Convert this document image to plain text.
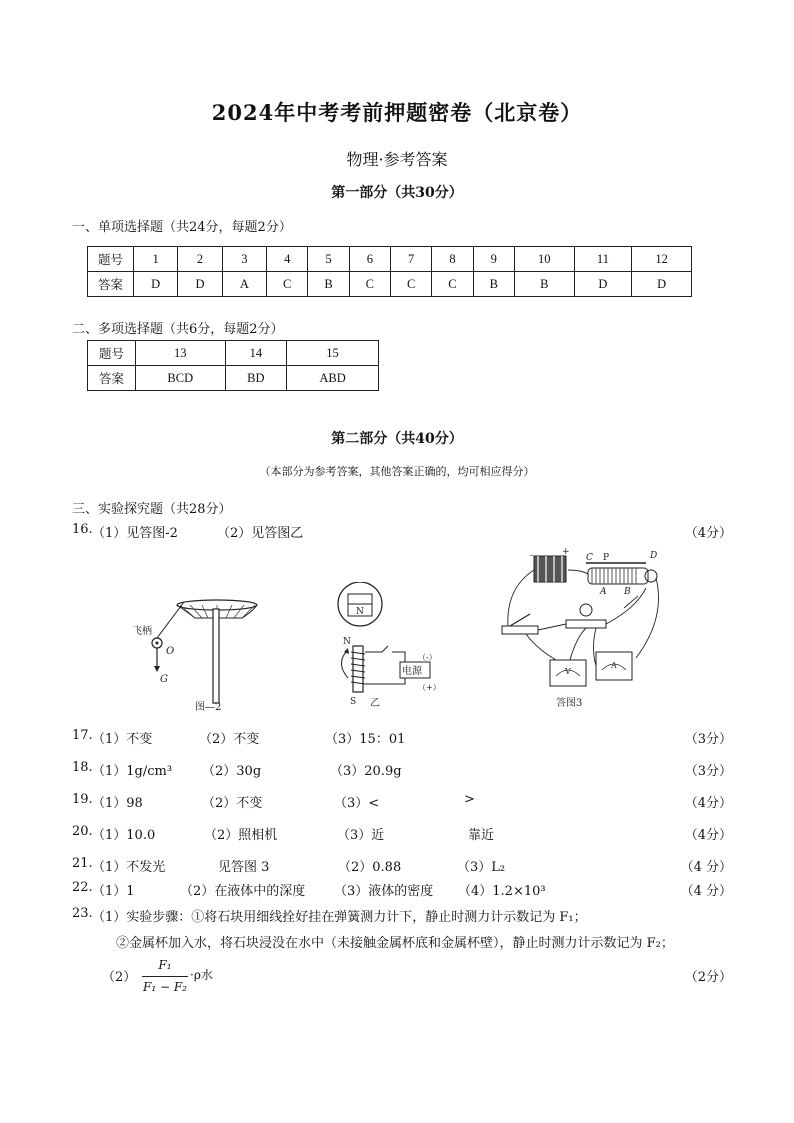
2024年中考考前押题密卷（北京卷）
物理·参考答案
第一部分（共30分）
一、单项选择题（共24分，每题2分）
题号	1	2	3	4	5	6	7	8	9	10	11	12
答案	D	D	A	C	B	C	C	C	B	B	D	D
二、多项选择题（共6分，每题2分）
题号	13	14	15
答案	BCD	BD	ABD
第二部分（共40分）
（本部分为参考答案，其他答案正确的，均可相应得分）
三、实验探究题（共28分）
16. （1）见答图-2	（2）见答图乙	（4分）
飞柄
O
G
图—2
N
N
S
电源
（-）
（+）
乙
-	+
C P	D
A B
V
A
答图3
17. （1）不变	（2）不变	（3）15：01	（3分）
18. （1）1g/cm³ （2）30g	（3）20.9g	（3分）
19. （1）98	（2）不变	（3）<	>	（4分）
20. （1）10.0	（2）照相机	（3）近	靠近	（4分）
21. （1）不发光	见答图 3	（2）0.88	（3）L₂	（4 分）
22. （1）1	（2）在液体中的深度 （3）液体的密度 （4）1.2×10³	（4 分）
23. （1）实验步骤：①将石块用细线拴好挂在弹簧测力计下，静止时测力计示数记为 F₁；
②金属杯加入水，将石块浸没在水中（未接触金属杯底和金属杯壁），静止时测力计示数记为 F₂；
（2）
F₁
F₁ − F₂
·ρ水	（2分）
